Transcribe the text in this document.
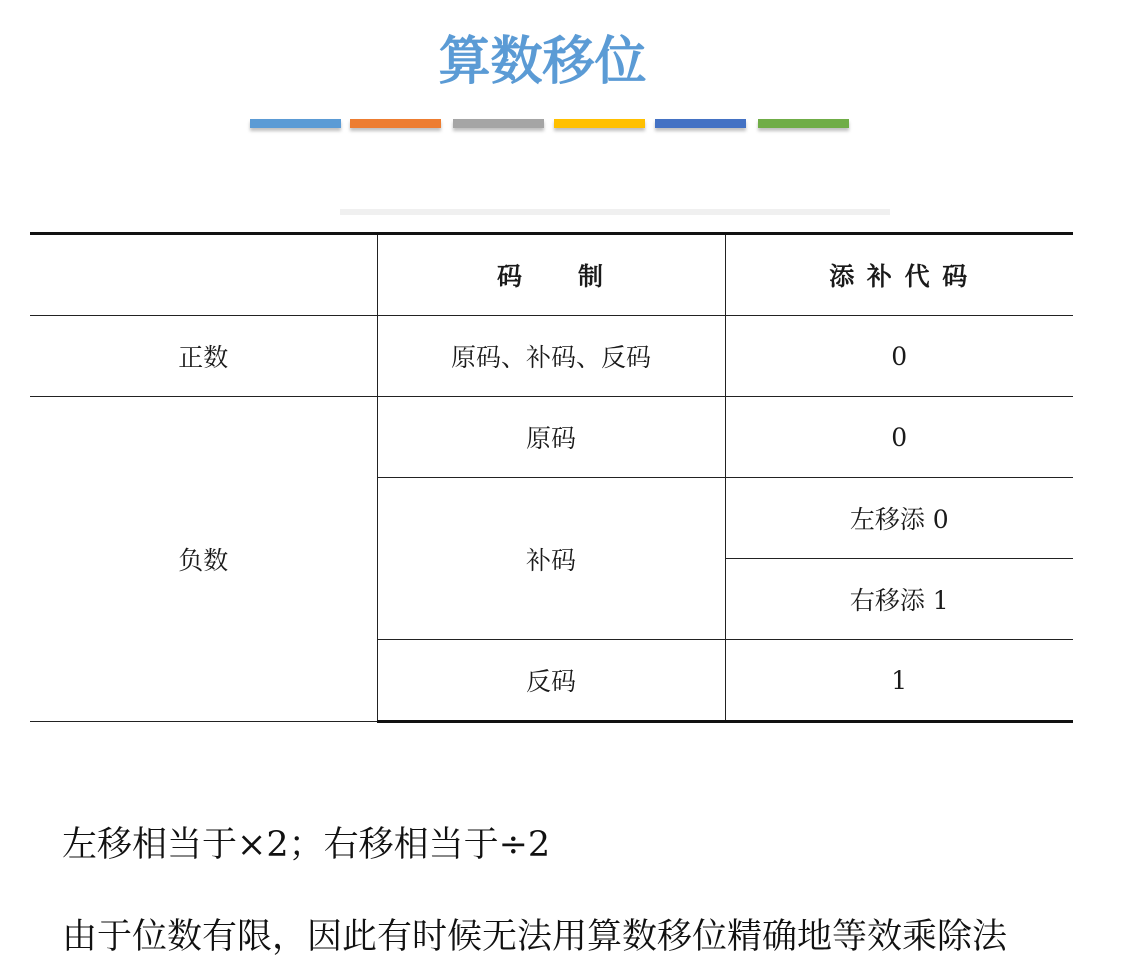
算数移位
	码　　制	添 补 代 码
正数	原码、补码、反码	0
负数	原码	0
	补码	左移添 0
		右移添 1
	反码	1
左移相当于×2；右移相当于÷2
由于位数有限，因此有时候无法用算数移位精确地等效乘除法
